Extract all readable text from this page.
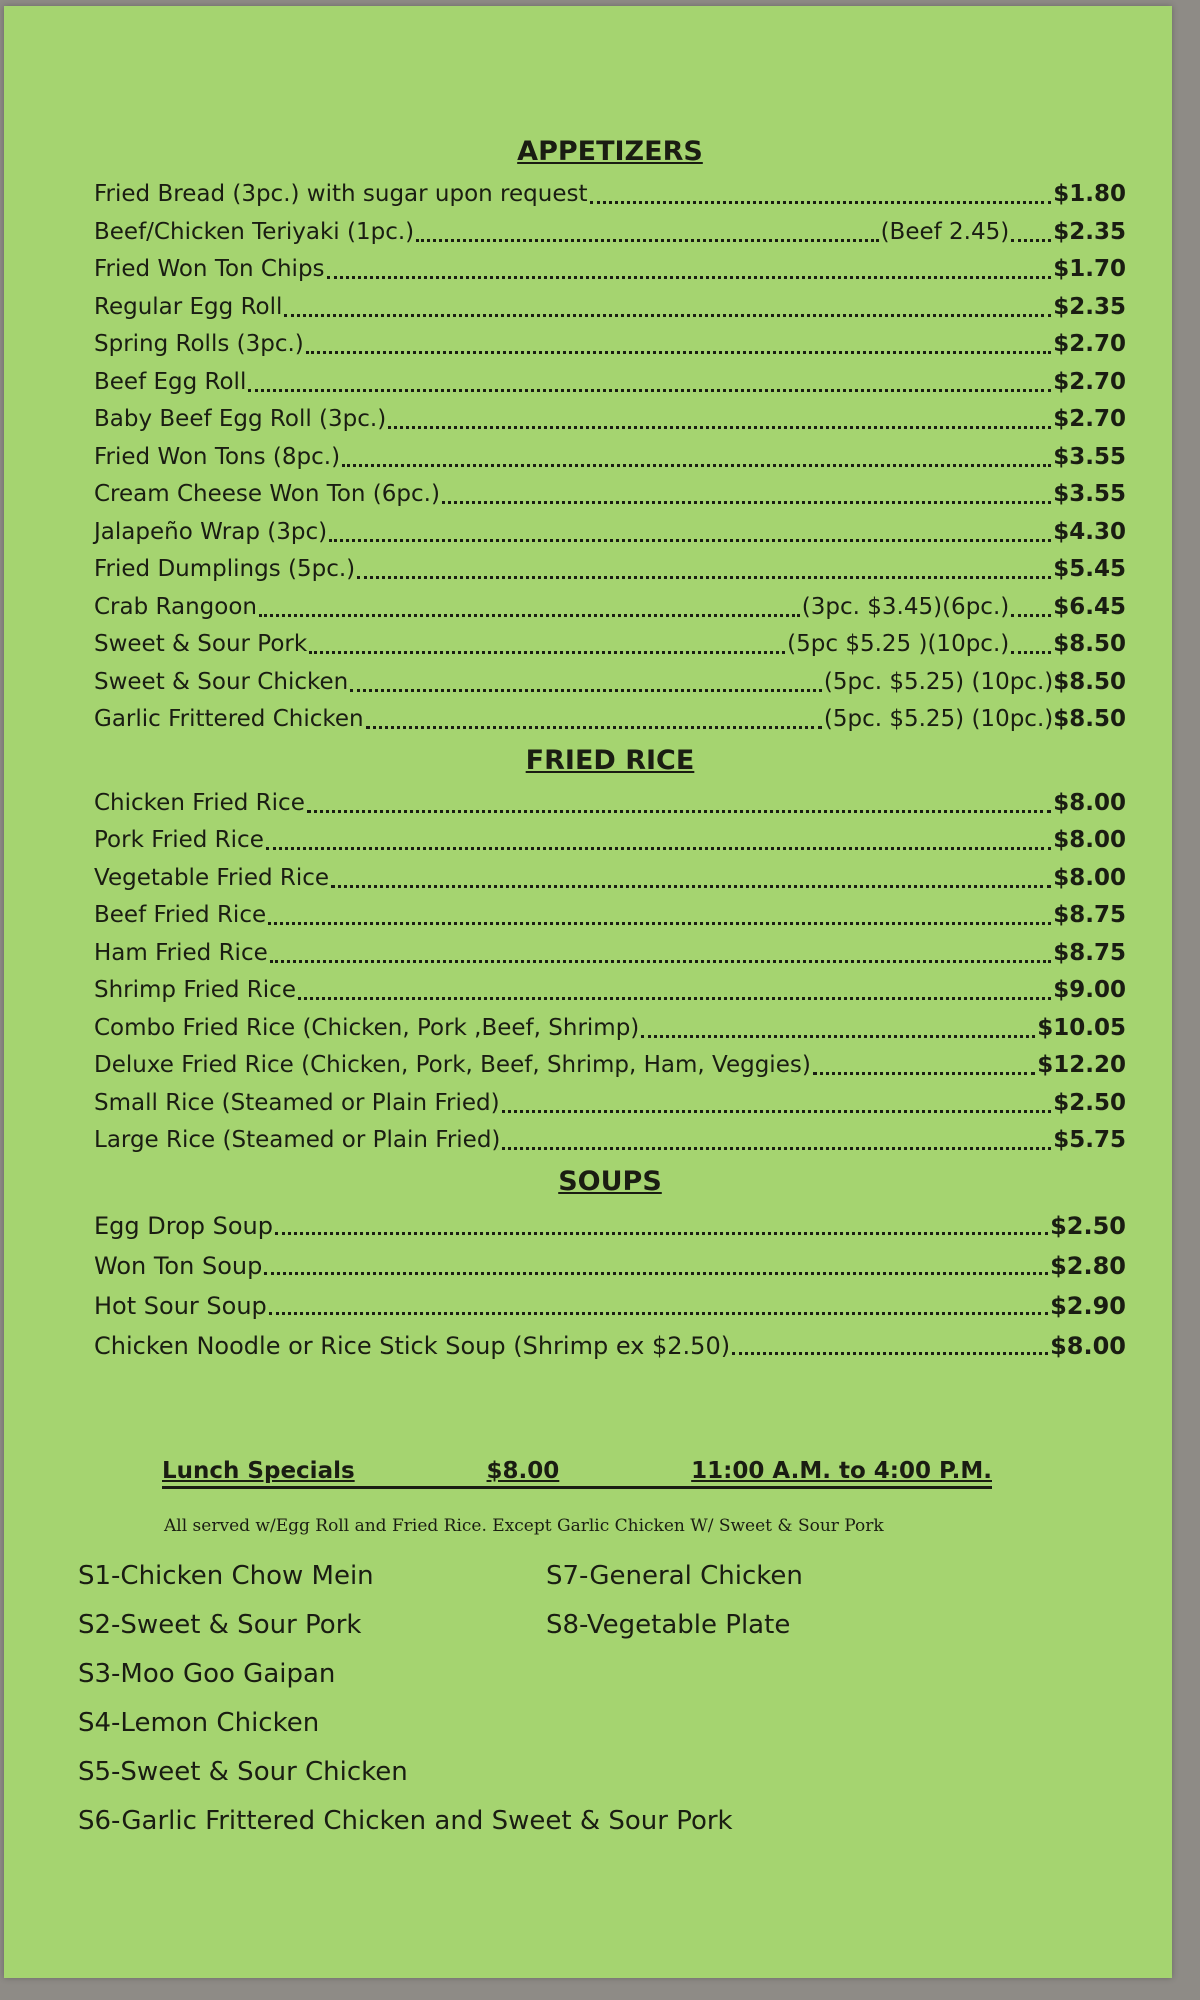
APPETIZERS
Fried Bread (3pc.) with sugar upon request	$1.80
Beef/Chicken Teriyaki (1pc.)	(Beef 2.45) $2.35
Fried Won Ton Chips	$1.70
Regular Egg Roll	$2.35
Spring Rolls (3pc.)	$2.70
Beef Egg Roll	$2.70
Baby Beef Egg Roll (3pc.)	$2.70
Fried Won Tons (8pc.)	$3.55
Cream Cheese Won Ton (6pc.)	$3.55
Jalapeño Wrap (3pc)	$4.30
Fried Dumplings (5pc.)	$5.45
Crab Rangoon	(3pc. $3.45)(6pc.) $6.45
Sweet & Sour Pork	(5pc $5.25 )(10pc.) $8.50
Sweet & Sour Chicken	(5pc. $5.25) (10pc.) $8.50
Garlic Frittered Chicken	(5pc. $5.25) (10pc.) $8.50
FRIED RICE
Chicken Fried Rice	$8.00
Pork Fried Rice	$8.00
Vegetable Fried Rice	$8.00
Beef Fried Rice	$8.75
Ham Fried Rice	$8.75
Shrimp Fried Rice	$9.00
Combo Fried Rice (Chicken, Pork ,Beef, Shrimp)	$10.05
Deluxe Fried Rice (Chicken, Pork, Beef, Shrimp, Ham, Veggies)	$12.20
Small Rice (Steamed or Plain Fried)	$2.50
Large Rice (Steamed or Plain Fried)	$5.75
SOUPS
Egg Drop Soup	$2.50
Won Ton Soup	$2.80
Hot Sour Soup	$2.90
Chicken Noodle or Rice Stick Soup (Shrimp ex $2.50)	$8.00
Lunch Specials	$8.00	11:00 A.M. to 4:00 P.M.
All served w/Egg Roll and Fried Rice. Except Garlic Chicken W/ Sweet & Sour Pork
S1-Chicken Chow Mein
S2-Sweet & Sour Pork
S3-Moo Goo Gaipan
S4-Lemon Chicken
S5-Sweet & Sour Chicken
S6-Garlic Frittered Chicken and Sweet & Sour Pork
S7-General Chicken
S8-Vegetable Plate
